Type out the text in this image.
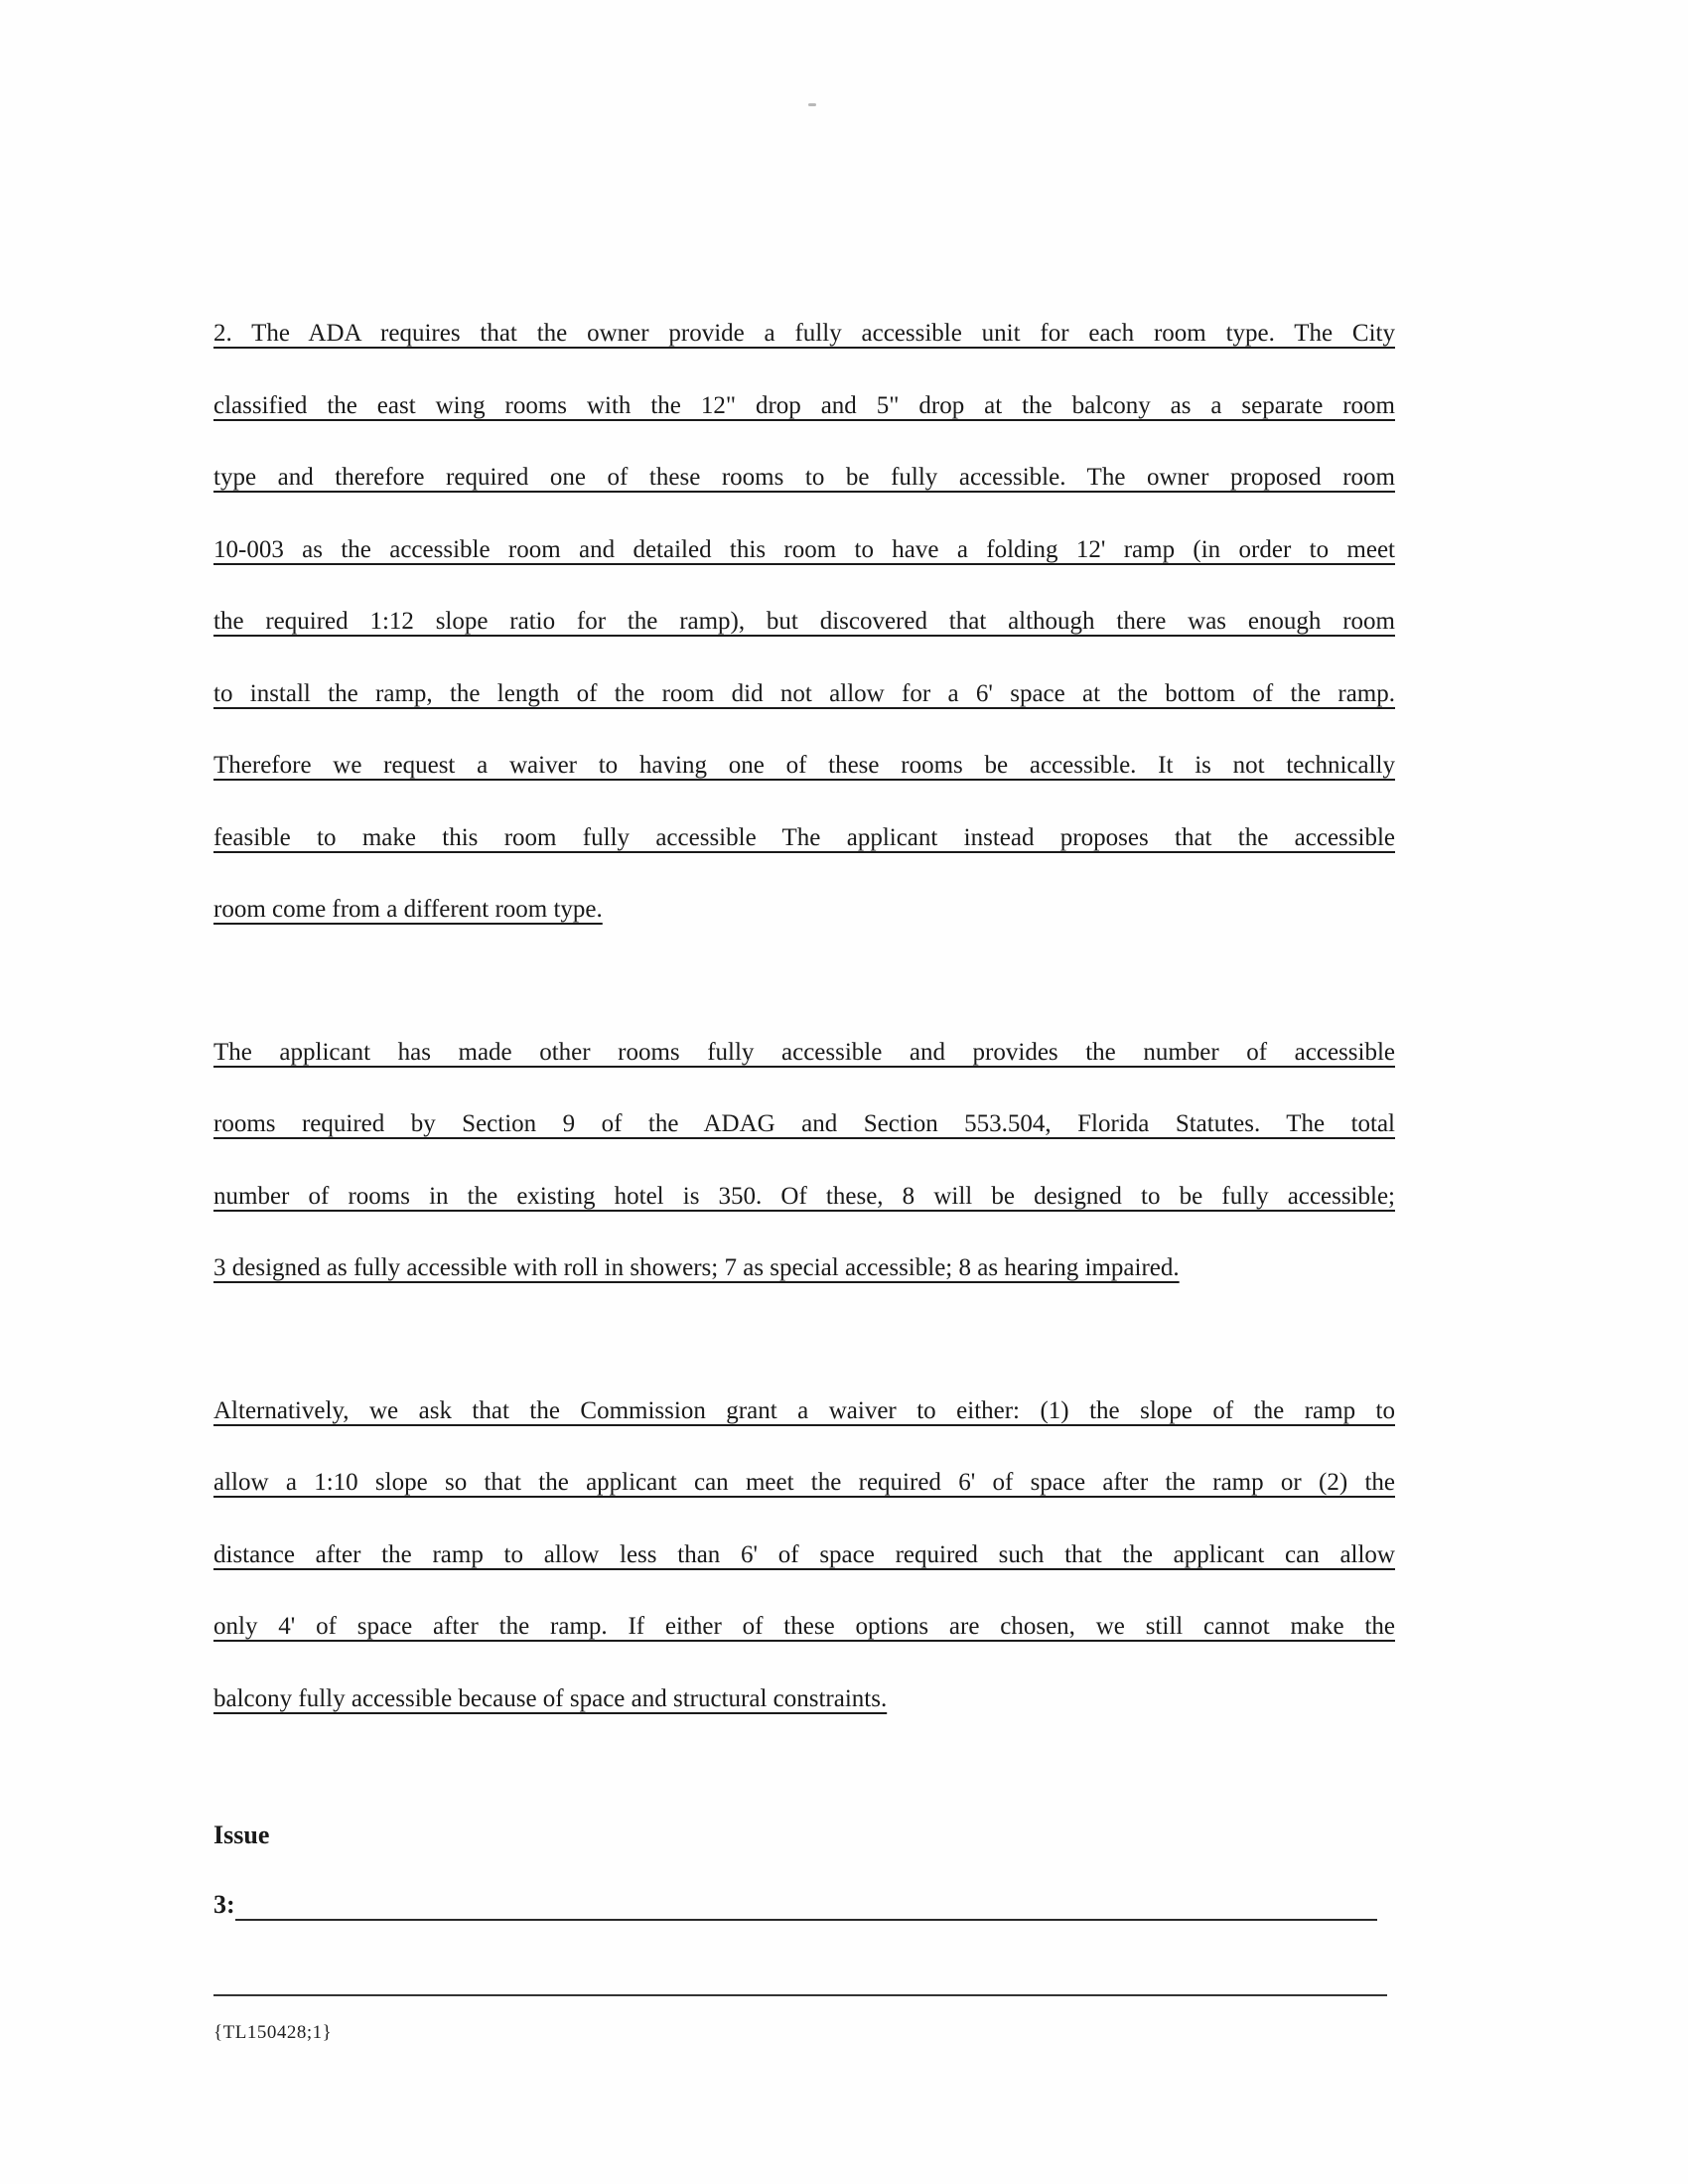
2. The ADA requires that the owner provide a fully accessible unit for each room type. The City
classified the east wing rooms with the 12" drop and 5" drop at the balcony as a separate room
type and therefore required one of these rooms to be fully accessible. The owner proposed room
10-003 as the accessible room and detailed this room to have a folding 12' ramp (in order to meet
the required 1:12 slope ratio for the ramp), but discovered that although there was enough room
to install the ramp, the length of the room did not allow for a 6' space at the bottom of the ramp.
Therefore we request a waiver to having one of these rooms be accessible. It is not technically
feasible to make this room fully accessible The applicant instead proposes that the accessible
room come from a different room type.
The applicant has made other rooms fully accessible and provides the number of accessible
rooms required by Section 9 of the ADAG and Section 553.504, Florida Statutes. The total
number of rooms in the existing hotel is 350. Of these, 8 will be designed to be fully accessible;
3 designed as fully accessible with roll in showers; 7 as special accessible; 8 as hearing impaired.
Alternatively, we ask that the Commission grant a waiver to either: (1) the slope of the ramp to
allow a 1:10 slope so that the applicant can meet the required 6' of space after the ramp or (2) the
distance after the ramp to allow less than 6' of space required such that the applicant can allow
only 4' of space after the ramp. If either of these options are chosen, we still cannot make the
balcony fully accessible because of space and structural constraints.
Issue
3:
{TL150428;1}
